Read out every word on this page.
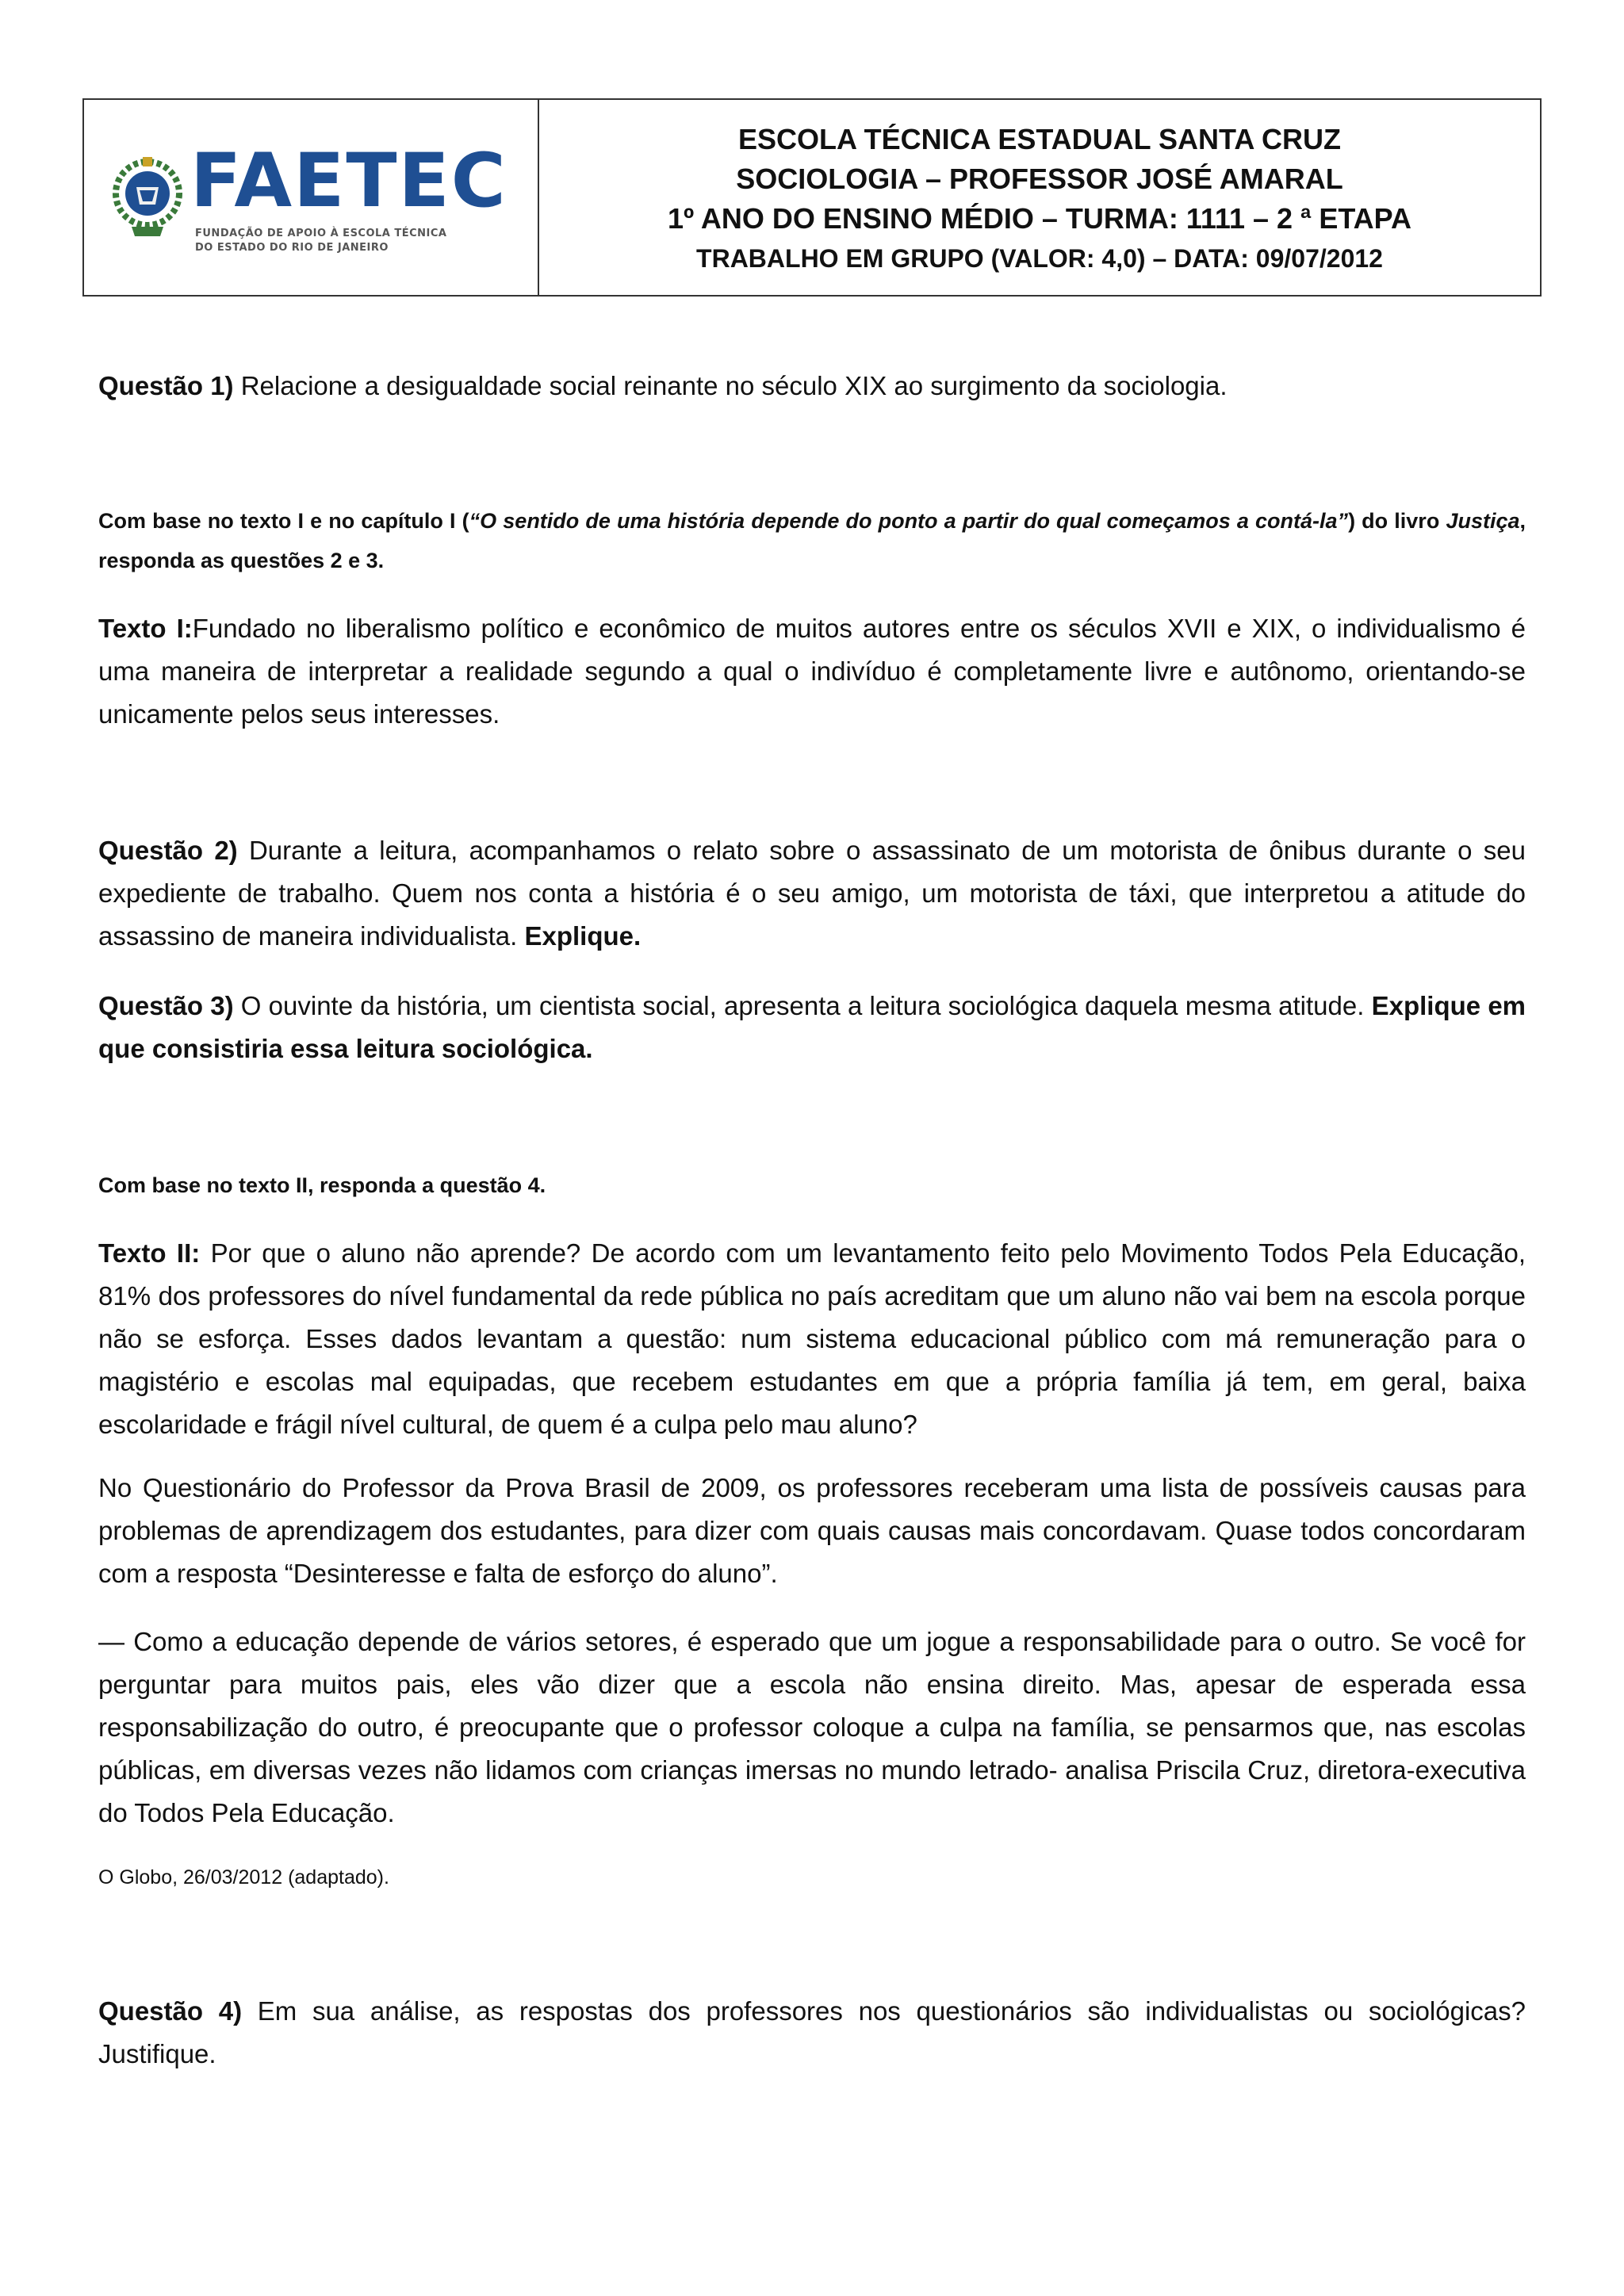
FAETEC
FUNDAÇÃO DE APOIO À ESCOLA TÉCNICA
DO ESTADO DO RIO DE JANEIRO
ESCOLA TÉCNICA ESTADUAL SANTA CRUZ
SOCIOLOGIA – PROFESSOR JOSÉ AMARAL
1º ANO DO ENSINO MÉDIO – TURMA: 1111 – 2 ª ETAPA
TRABALHO EM GRUPO (VALOR: 4,0) – DATA: 09/07/2012
Questão 1) Relacione a desigualdade social reinante no século XIX ao surgimento da sociologia.
Com base no texto I e no capítulo I (“O sentido de uma história depende do ponto a partir do qual começamos a contá-la”) do livro Justiça, responda as questões 2 e 3.
Texto I:Fundado no liberalismo político e econômico de muitos autores entre os séculos XVII e XIX, o individualismo é uma maneira de interpretar a realidade segundo a qual o indivíduo é completamente livre e autônomo, orientando-se unicamente pelos seus interesses.
Questão 2) Durante a leitura, acompanhamos o relato sobre o assassinato de um motorista de ônibus durante o seu expediente de trabalho. Quem nos conta a história é o seu amigo, um motorista de táxi, que interpretou a atitude do assassino de maneira individualista. Explique.
Questão 3) O ouvinte da história, um cientista social, apresenta a leitura sociológica daquela mesma atitude. Explique em que consistiria essa leitura sociológica.
Com base no texto II, responda a questão 4.
Texto II: Por que o aluno não aprende? De acordo com um levantamento feito pelo Movimento Todos Pela Educação, 81% dos professores do nível fundamental da rede pública no país acreditam que um aluno não vai bem na escola porque não se esforça. Esses dados levantam a questão: num sistema educacional público com má remuneração para o magistério e escolas mal equipadas, que recebem estudantes em que a própria família já tem, em geral, baixa escolaridade e frágil nível cultural, de quem é a culpa pelo mau aluno?
No Questionário do Professor da Prova Brasil de 2009, os professores receberam uma lista de possíveis causas para problemas de aprendizagem dos estudantes, para dizer com quais causas mais concordavam. Quase todos concordaram com a resposta “Desinteresse e falta de esforço do aluno”.
— Como a educação depende de vários setores, é esperado que um jogue a responsabilidade para o outro. Se você for perguntar para muitos pais, eles vão dizer que a escola não ensina direito. Mas, apesar de esperada essa responsabilização do outro, é preocupante que o professor coloque a culpa na família, se pensarmos que, nas escolas públicas, em diversas vezes não lidamos com crianças imersas no mundo letrado- analisa Priscila Cruz, diretora-executiva do Todos Pela Educação.
O Globo, 26/03/2012 (adaptado).
Questão 4) Em sua análise, as respostas dos professores nos questionários são individualistas ou sociológicas? Justifique.
